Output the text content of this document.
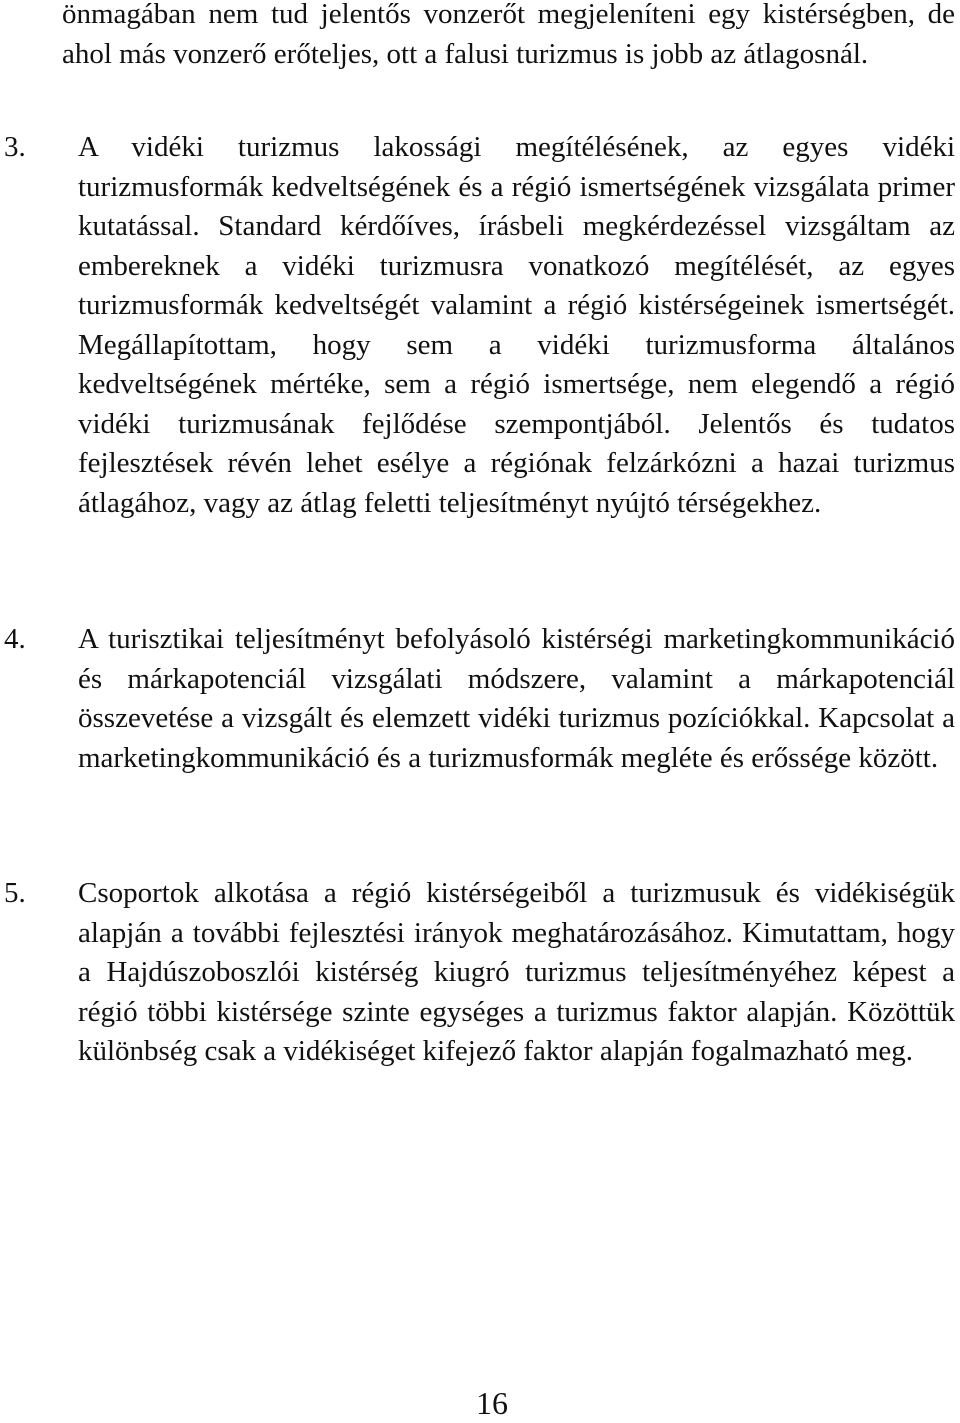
önmagában nem tud jelentős vonzerőt megjeleníteni egy kistérségben, de ahol más vonzerő erőteljes, ott a falusi turizmus is jobb az átlagosnál.

3. A vidéki turizmus lakossági megítélésének, az egyes vidéki turizmusformák kedveltségének és a régió ismertségének vizsgálata primer kutatással. Standard kérdőíves, írásbeli megkérdezéssel vizsgáltam az embereknek a vidéki turizmusra vonatkozó megítélését, az egyes turizmusformák kedveltségét valamint a régió kistérségeinek ismertségét. Megállapítottam, hogy sem a vidéki turizmusforma általános kedveltségének mértéke, sem a régió ismertsége, nem elegendő a régió vidéki turizmusának fejlődése szempontjából. Jelentős és tudatos fejlesztések révén lehet esélye a régiónak felzárkózni a hazai turizmus átlagához, vagy az átlag feletti teljesítményt nyújtó térségekhez.

4. A turisztikai teljesítményt befolyásoló kistérségi marketingkommunikáció és márkapotenciál vizsgálati módszere, valamint a márkapotenciál összevetése a vizsgált és elemzett vidéki turizmus pozíciókkal. Kapcsolat a marketingkommunikáció és a turizmusformák megléte és erőssége között.

5. Csoportok alkotása a régió kistérségeiből a turizmusuk és vidékiségük alapján a további fejlesztési irányok meghatározásához. Kimutattam, hogy a Hajdúszoboszlói kistérség kiugró turizmus teljesítményéhez képest a régió többi kistérsége szinte egységes a turizmus faktor alapján. Közöttük különbség csak a vidékiséget kifejező faktor alapján fogalmazható meg.

16
